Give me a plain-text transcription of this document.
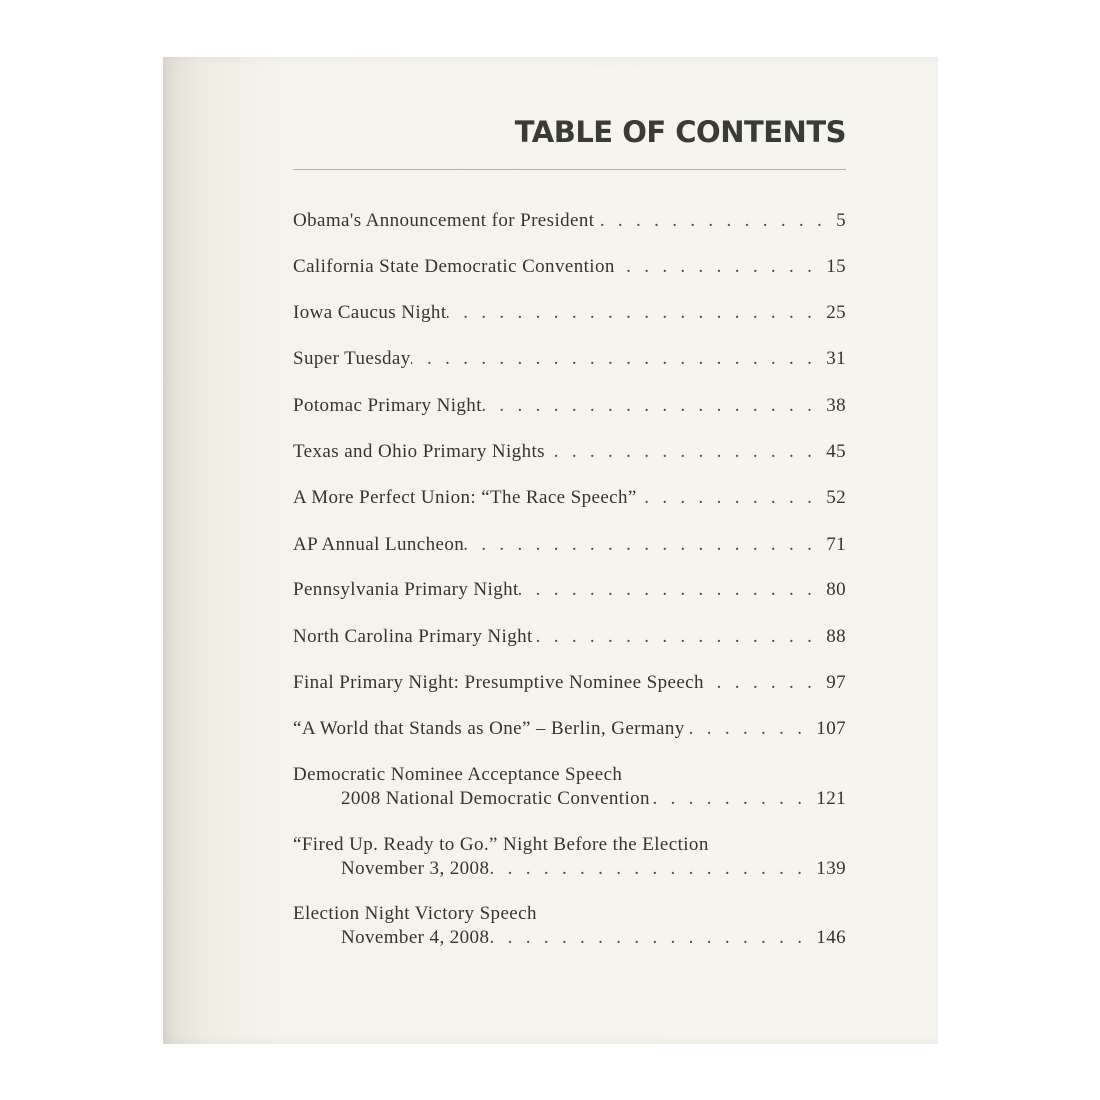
TABLE OF CONTENTS
Obama's Announcement for President . . .	5
California State Democratic Convention . . .	15
Iowa Caucus Night . . .	25
Super Tuesday . . .	31
Potomac Primary Night . . .	38
Texas and Ohio Primary Nights . . .	45
A More Perfect Union: “The Race Speech” . . .	52
AP Annual Luncheon . . .	71
Pennsylvania Primary Night . . .	80
North Carolina Primary Night . . .	88
Final Primary Night: Presumptive Nominee Speech . . .	97
“A World that Stands as One” – Berlin, Germany . . .	107
Democratic Nominee Acceptance Speech
2008 National Democratic Convention . . .	121
“Fired Up. Ready to Go.” Night Before the Election
November 3, 2008 . . .	139
Election Night Victory Speech
November 4, 2008 . . .	146
